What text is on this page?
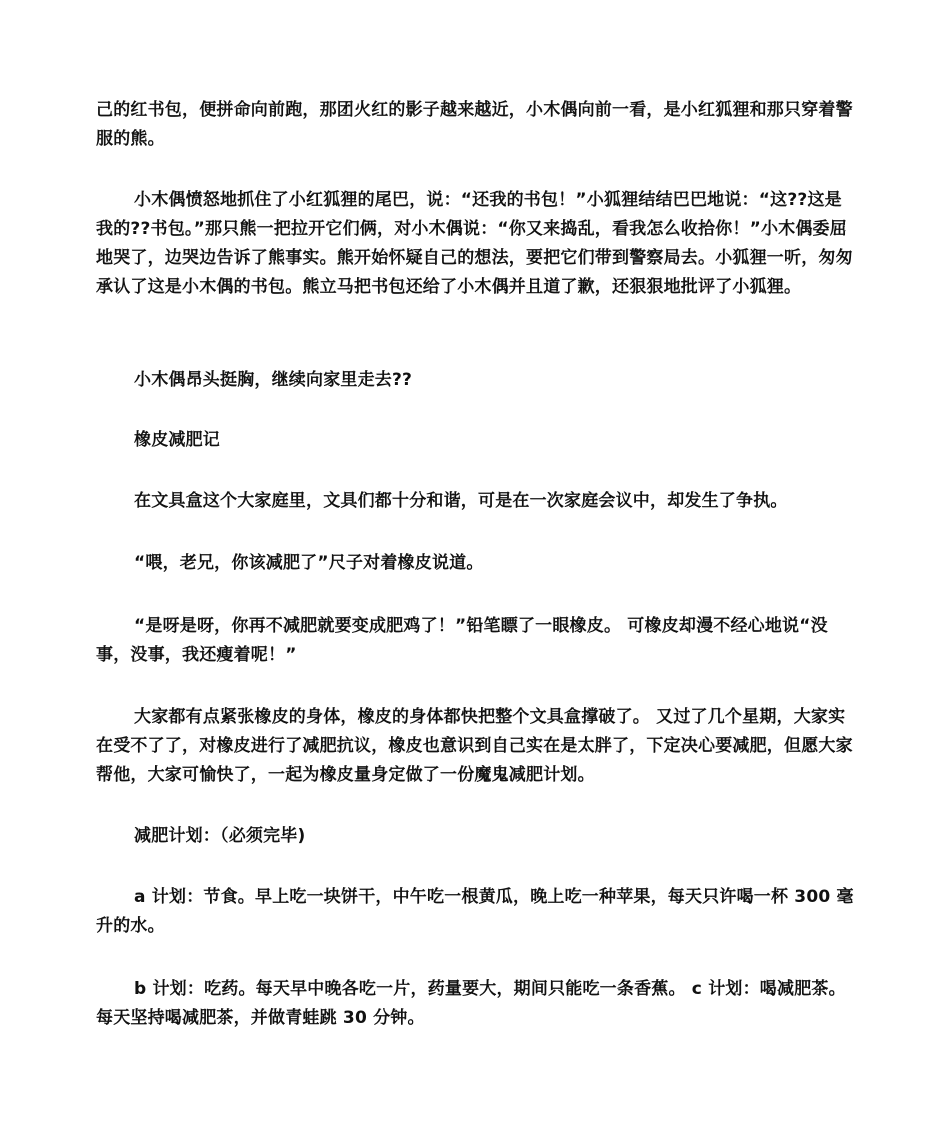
己的红书包，便拼命向前跑，那团火红的影子越来越近，小木偶向前一看，是小红狐狸和那只穿着警服的熊。

小木偶愤怒地抓住了小红狐狸的尾巴，说：“还我的书包！”小狐狸结结巴巴地说：“这??这是我的??书包。”那只熊一把拉开它们俩，对小木偶说：“你又来捣乱，看我怎么收拾你！”小木偶委屈地哭了，边哭边告诉了熊事实。熊开始怀疑自己的想法，要把它们带到警察局去。小狐狸一听，匆匆承认了这是小木偶的书包。熊立马把书包还给了小木偶并且道了歉，还狠狠地批评了小狐狸。

小木偶昂头挺胸，继续向家里走去??

橡皮减肥记

在文具盒这个大家庭里，文具们都十分和谐，可是在一次家庭会议中，却发生了争执。

“喂，老兄，你该减肥了”尺子对着橡皮说道。

“是呀是呀，你再不减肥就要变成肥鸡了！”铅笔瞟了一眼橡皮。 可橡皮却漫不经心地说“没事，没事，我还瘦着呢！”

大家都有点紧张橡皮的身体，橡皮的身体都快把整个文具盒撑破了。 又过了几个星期，大家实在受不了了，对橡皮进行了减肥抗议，橡皮也意识到自己实在是太胖了，下定决心要减肥，但愿大家帮他，大家可愉快了，一起为橡皮量身定做了一份魔鬼减肥计划。

减肥计划：（必须完毕)

a 计划：节食。早上吃一块饼干，中午吃一根黄瓜，晚上吃一种苹果，每天只许喝一杯 300 毫升的水。

b 计划：吃药。每天早中晚各吃一片，药量要大，期间只能吃一条香蕉。 c 计划：喝减肥茶。每天坚持喝减肥茶，并做青蛙跳 30 分钟。
